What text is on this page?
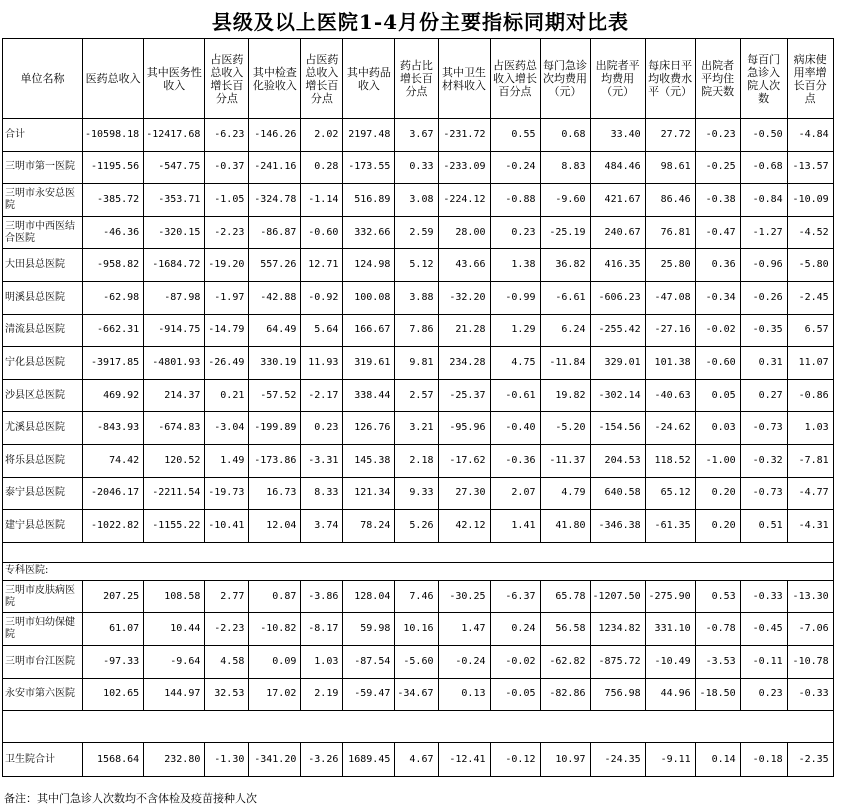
县级及以上医院1-4月份主要指标同期对比表
单位名称	医药总收入	其中医务性收入	占医药总收入增长百分点	其中检查化验收入	占医药总收入增长百分点	其中药品收入	药占比增长百分点	其中卫生材料收入	占医药总收入增长百分点	每门急诊次均费用（元）	出院者平均费用（元）	每床日平均收费水平（元）	出院者平均住院天数	每百门急诊入院人次数	病床使用率增长百分点
合计	-10598.18	-12417.68	-6.23	-146.26	2.02	2197.48	3.67	-231.72	0.55	0.68	33.40	27.72	-0.23	-0.50	-4.84
三明市第一医院	-1195.56	-547.75	-0.37	-241.16	0.28	-173.55	0.33	-233.09	-0.24	8.83	484.46	98.61	-0.25	-0.68	-13.57
三明市永安总医院	-385.72	-353.71	-1.05	-324.78	-1.14	516.89	3.08	-224.12	-0.88	-9.60	421.67	86.46	-0.38	-0.84	-10.09
三明市中西医结合医院	-46.36	-320.15	-2.23	-86.87	-0.60	332.66	2.59	28.00	0.23	-25.19	240.67	76.81	-0.47	-1.27	-4.52
大田县总医院	-958.82	-1684.72	-19.20	557.26	12.71	124.98	5.12	43.66	1.38	36.82	416.35	25.80	0.36	-0.96	-5.80
明溪县总医院	-62.98	-87.98	-1.97	-42.88	-0.92	100.08	3.88	-32.20	-0.99	-6.61	-606.23	-47.08	-0.34	-0.26	-2.45
清流县总医院	-662.31	-914.75	-14.79	64.49	5.64	166.67	7.86	21.28	1.29	6.24	-255.42	-27.16	-0.02	-0.35	6.57
宁化县总医院	-3917.85	-4801.93	-26.49	330.19	11.93	319.61	9.81	234.28	4.75	-11.84	329.01	101.38	-0.60	0.31	11.07
沙县区总医院	469.92	214.37	0.21	-57.52	-2.17	338.44	2.57	-25.37	-0.61	19.82	-302.14	-40.63	0.05	0.27	-0.86
尤溪县总医院	-843.93	-674.83	-3.04	-199.89	0.23	126.76	3.21	-95.96	-0.40	-5.20	-154.56	-24.62	0.03	-0.73	1.03
将乐县总医院	74.42	120.52	1.49	-173.86	-3.31	145.38	2.18	-17.62	-0.36	-11.37	204.53	118.52	-1.00	-0.32	-7.81
泰宁县总医院	-2046.17	-2211.54	-19.73	16.73	8.33	121.34	9.33	27.30	2.07	4.79	640.58	65.12	0.20	-0.73	-4.77
建宁县总医院	-1022.82	-1155.22	-10.41	12.04	3.74	78.24	5.26	42.12	1.41	41.80	-346.38	-61.35	0.20	0.51	-4.31

专科医院:															
三明市皮肤病医院	207.25	108.58	2.77	0.87	-3.86	128.04	7.46	-30.25	-6.37	65.78	-1207.50	-275.90	0.53	-0.33	-13.30
三明市妇幼保健院	61.07	10.44	-2.23	-10.82	-8.17	59.98	10.16	1.47	0.24	56.58	1234.82	331.10	-0.78	-0.45	-7.06
三明市台江医院	-97.33	-9.64	4.58	0.09	1.03	-87.54	-5.60	-0.24	-0.02	-62.82	-875.72	-10.49	-3.53	-0.11	-10.78
永安市第六医院	102.65	144.97	32.53	17.02	2.19	-59.47	-34.67	0.13	-0.05	-82.86	756.98	44.96	-18.50	0.23	-0.33

卫生院合计	1568.64	232.80	-1.30	-341.20	-3.26	1689.45	4.67	-12.41	-0.12	10.97	-24.35	-9.11	0.14	-0.18	-2.35
备注：其中门急诊人次数均不含体检及疫苗接种人次
